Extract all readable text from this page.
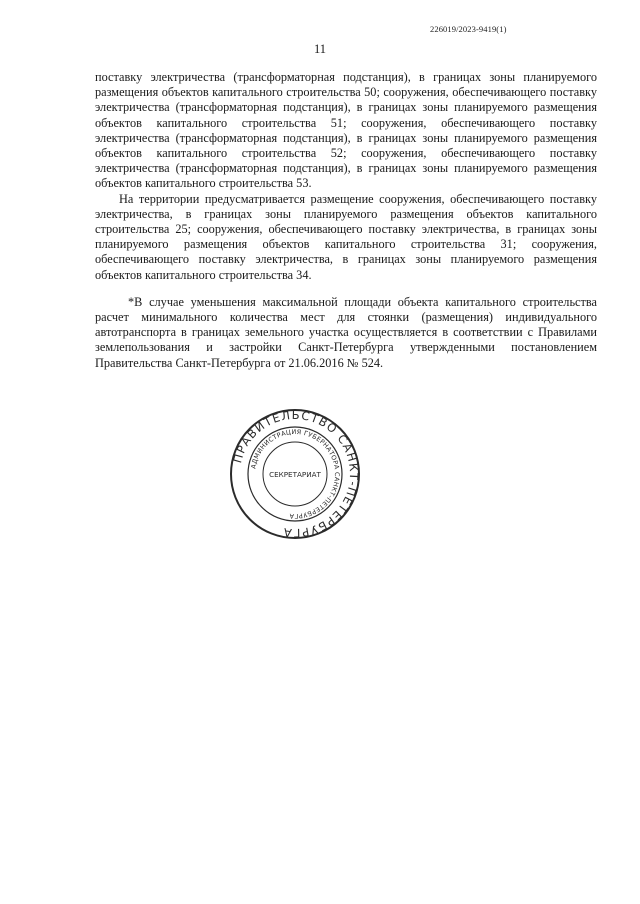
226019/2023-9419(1)
11

поставку электричества (трансформаторная подстанция), в границах зоны планируемого размещения объектов капитального строительства 50; сооружения, обеспечивающего поставку электричества (трансформаторная подстанция), в границах зоны планируемого размещения объектов капитального строительства 51; сооружения, обеспечивающего поставку электричества (трансформаторная подстанция), в границах зоны планируемого размещения объектов капитального строительства 52; сооружения, обеспечивающего поставку электричества (трансформаторная подстанция), в границах зоны планируемого размещения объектов капитального строительства 53.

На территории предусматривается размещение сооружения, обеспечивающего поставку электричества, в границах зоны планируемого размещения объектов капитального строительства 25; сооружения, обеспечивающего поставку электричества, в границах зоны планируемого размещения объектов капитального строительства 31; сооружения, обеспечивающего поставку электричества, в границах зоны планируемого размещения объектов капитального строительства 34.

*В случае уменьшения максимальной площади объекта капитального строительства расчет минимального количества мест для стоянки (размещения) индивидуального автотранспорта в границах земельного участка осуществляется в соответствии с Правилами землепользования и застройки Санкт-Петербурга утвержденными постановлением Правительства Санкт-Петербурга от 21.06.2016 № 524.

ПРАВИТЕЛЬСТВО САНКТ-ПЕТЕРБУРГА
АДМИНИСТРАЦИЯ ГУБЕРНАТОРА САНКТ-ПЕТЕРБУРГА
СЕКРЕТАРИАТ
